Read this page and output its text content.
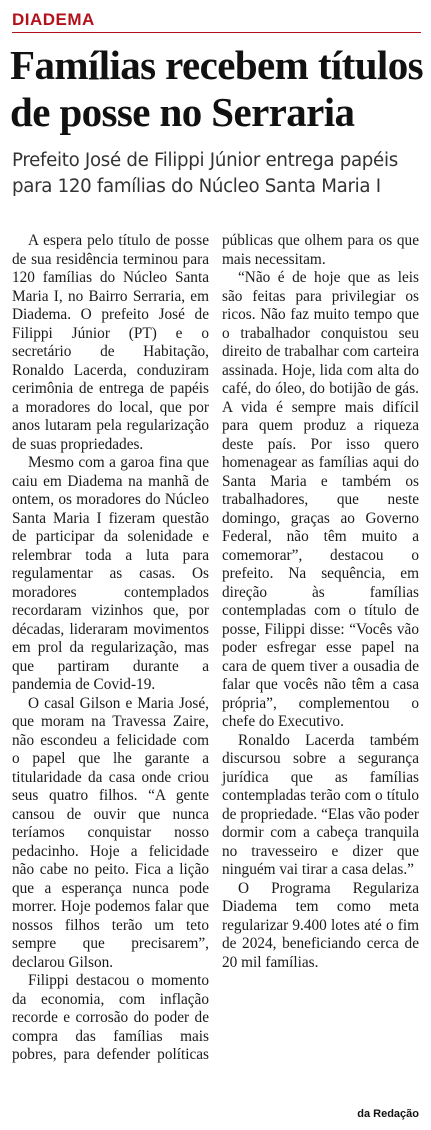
DIADEMA
Famílias recebem títulos de posse no Serraria
Prefeito José de Filippi Júnior entrega papéis para 120 famílias do Núcleo Santa Maria I

A espera pelo título de posse de sua residência terminou para 120 famílias do Núcleo Santa Maria I, no Bairro Serraria, em Diadema. O prefeito José de Filippi Júnior (PT) e o secretário de Habitação, Ronaldo Lacerda, conduziram cerimônia de entrega de papéis a moradores do local, que por anos lutaram pela regularização de suas propriedades.

Mesmo com a garoa fina que caiu em Diadema na manhã de ontem, os moradores do Núcleo Santa Maria I fizeram questão de participar da solenidade e relembrar toda a luta para regulamentar as casas. Os moradores contemplados recordaram vizinhos que, por décadas, lideraram movimentos em prol da regularização, mas que partiram durante a pandemia de Covid-19.

O casal Gilson e Maria José, que moram na Travessa Zaire, não escondeu a felicidade com o papel que lhe garante a titularidade da casa onde criou seus quatro filhos. “A gente cansou de ouvir que nunca teríamos conquistar nosso pedacinho. Hoje a felicidade não cabe no peito. Fica a lição que a esperança nunca pode morrer. Hoje podemos falar que nossos filhos terão um teto sempre que precisarem”, declarou Gilson.

Filippi destacou o momento da economia, com inflação recorde e corrosão do poder de compra das famílias mais pobres, para defender políticas públicas que olhem para os que mais necessitam.

“Não é de hoje que as leis são feitas para privilegiar os ricos. Não faz muito tempo que o trabalhador conquistou seu direito de trabalhar com carteira assinada. Hoje, lida com alta do café, do óleo, do botijão de gás. A vida é sempre mais difícil para quem produz a riqueza deste país. Por isso quero homenagear as famílias aqui do Santa Maria e também os trabalhadores, que neste domingo, graças ao Governo Federal, não têm muito a comemorar”, destacou o prefeito. Na sequência, em direção às famílias contempladas com o título de posse, Filippi disse: “Vocês vão poder esfregar esse papel na cara de quem tiver a ousadia de falar que vocês não têm a casa própria”, complementou o chefe do Executivo.

Ronaldo Lacerda também discursou sobre a segurança jurídica que as famílias contempladas terão com o título de propriedade. “Elas vão poder dormir com a cabeça tranquila no travesseiro e dizer que ninguém vai tirar a casa delas.”

O Programa Regulariza Diadema tem como meta regularizar 9.400 lotes até o fim de 2024, beneficiando cerca de 20 mil famílias.

da Redação
